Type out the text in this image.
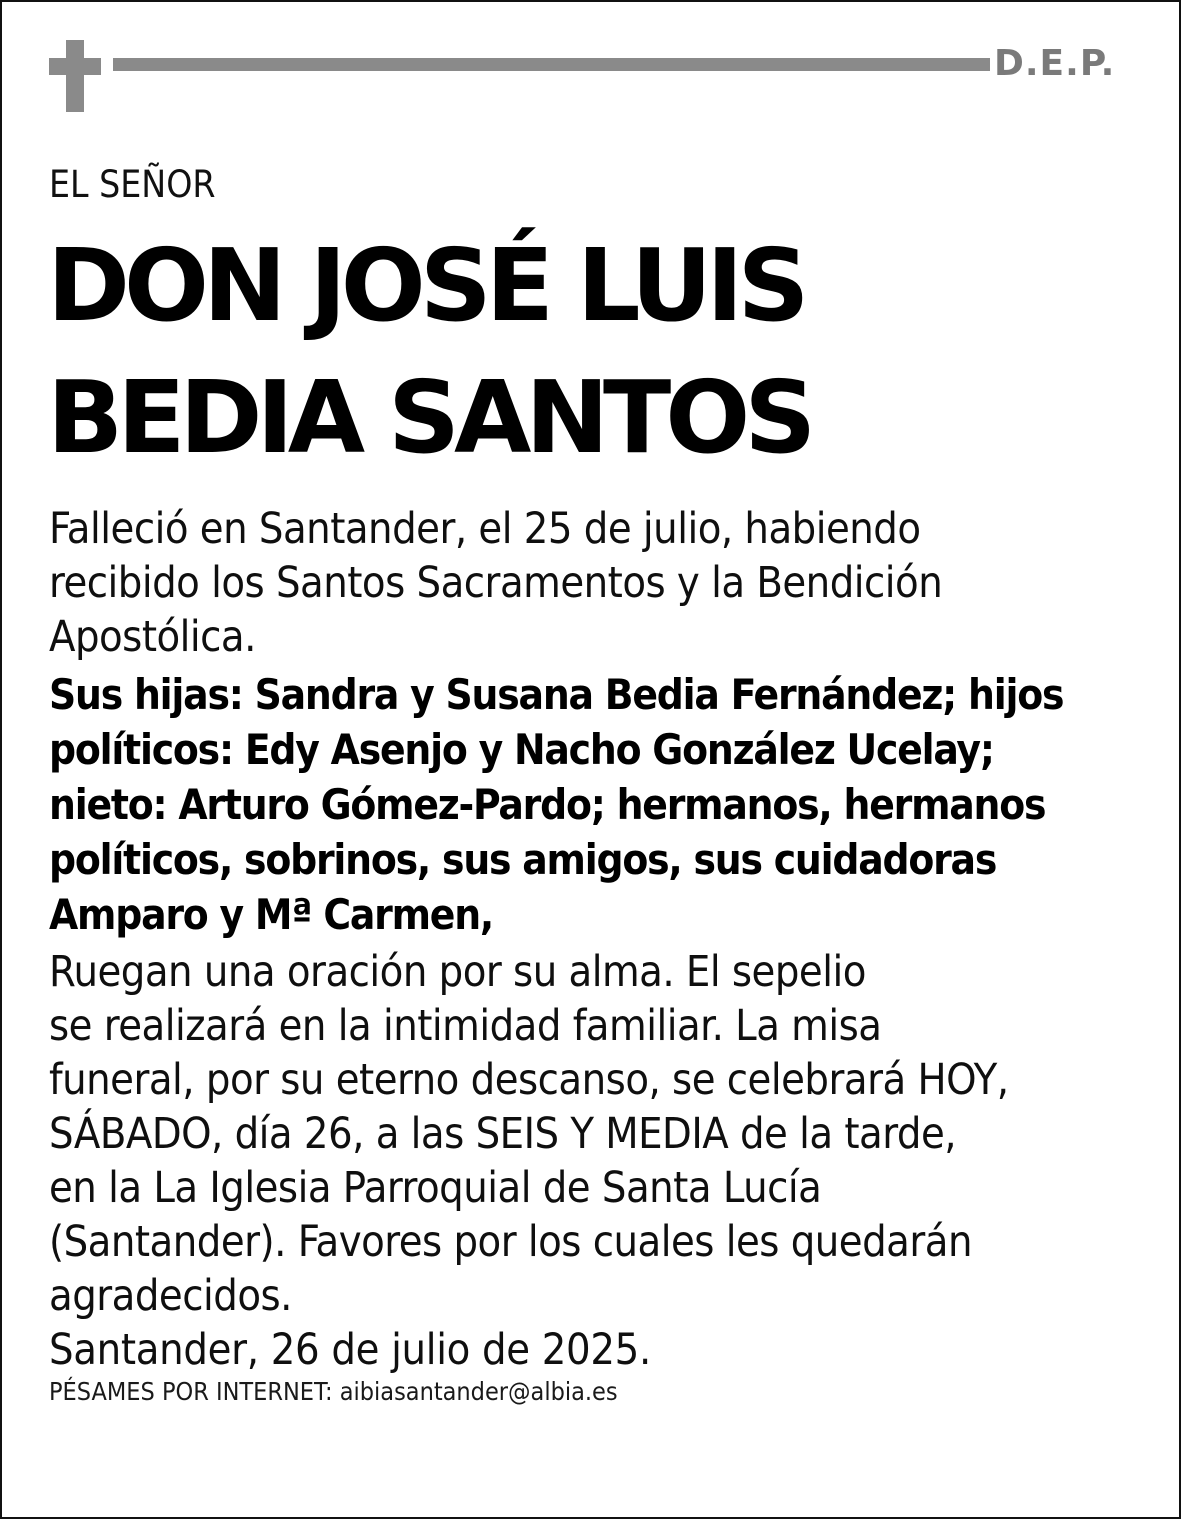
D.E.P.
EL SEÑOR
DON JOSÉ LUIS
BEDIA SANTOS

Falleció en Santander, el 25 de julio, habiendo
recibido los Santos Sacramentos y la Bendición
Apostólica.

Sus hijas: Sandra y Susana Bedia Fernández; hijos
políticos: Edy Asenjo y Nacho González Ucelay;
nieto: Arturo Gómez-Pardo; hermanos, hermanos
políticos, sobrinos, sus amigos, sus cuidadoras
Amparo y Mª Carmen,

Ruegan una oración por su alma. El sepelio
se realizará en la intimidad familiar. La misa
funeral, por su eterno descanso, se celebrará HOY,
SÁBADO, día 26, a las SEIS Y MEDIA de la tarde,
en la La Iglesia Parroquial de Santa Lucía
(Santander). Favores por los cuales les quedarán
agradecidos.

Santander, 26 de julio de 2025.

PÉSAMES POR INTERNET: aibiasantander@albia.es
